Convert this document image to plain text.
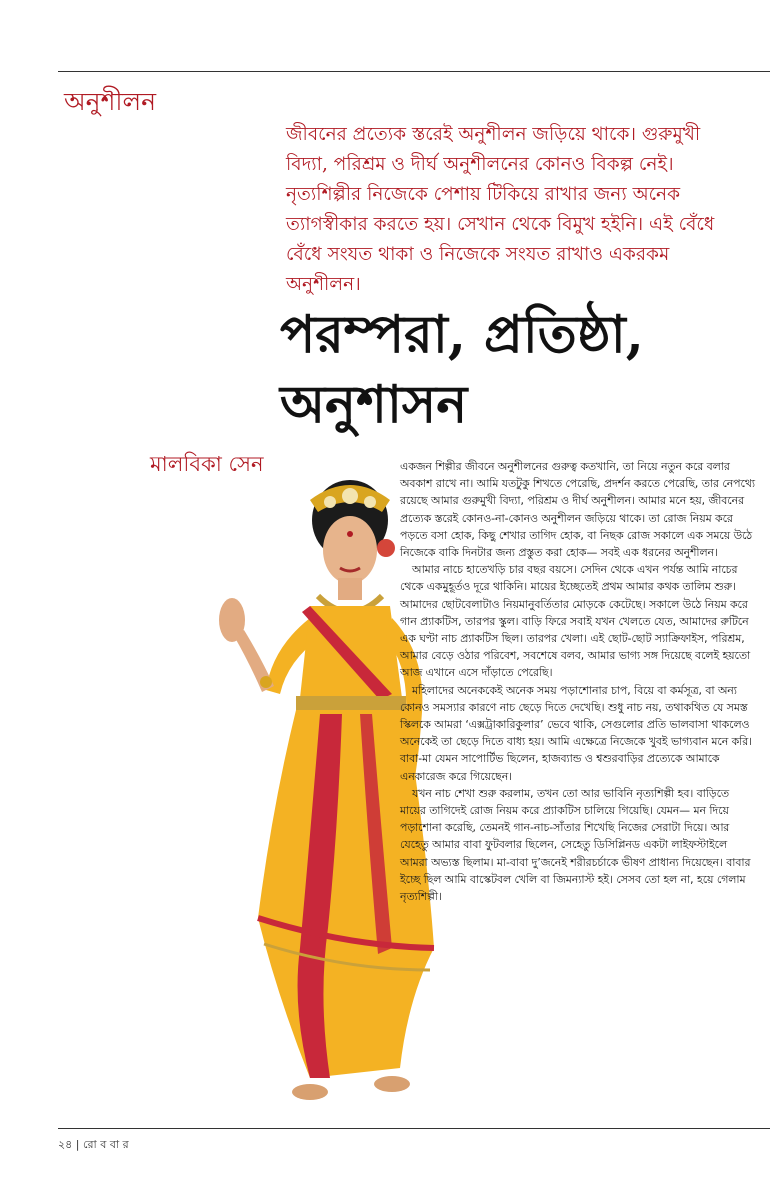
অনুশীলন

জীবনের প্রত্যেক স্তরেই অনুশীলন জড়িয়ে থাকে। গুরুমুখী বিদ্যা, পরিশ্রম ও দীর্ঘ অনুশীলনের কোনও বিকল্প নেই। নৃত্যশিল্পীর নিজেকে পেশায় টিকিয়ে রাখার জন্য অনেক ত্যাগস্বীকার করতে হয়। সেখান থেকে বিমুখ হইনি। এই বেঁধে বেঁধে সংযত থাকা ও নিজেকে সংযত রাখাও একরকম অনুশীলন।

পরম্পরা, প্রতিষ্ঠা,
অনুশাসন
মালবিকা সেন	একজন শিল্পীর জীবনে অনুশীলনের গুরুত্ব কতখানি, তা নিয়ে নতুন করে বলার অবকাশ রাখে না। আমি যতটুকু শিখতে পেরেছি, প্রদর্শন করতে পেরেছি, তার নেপথ্যে রয়েছে আমার গুরুমুখী বিদ্যা, পরিশ্রম ও দীর্ঘ অনুশীলন। আমার মনে হয়, জীবনের প্রত্যেক স্তরেই কোনও-না-কোনও অনুশীলন জড়িয়ে থাকে। তা রোজ নিয়ম করে পড়তে বসা হোক, কিছু শেখার তাগিদ হোক, বা নিছক রোজ সকালে এক সময়ে উঠে নিজেকে বাকি দিনটার জন্য প্রস্তুত করা হোক— সবই এক ধরনের অনুশীলন।

আমার নাচে হাতেখড়ি চার বছর বয়সে। সেদিন থেকে এখন পর্যন্ত আমি নাচের থেকে একমুহূর্তও দূরে থাকিনি। মায়ের ইচ্ছেতেই প্রথম আমার কথক তালিম শুরু। আমাদের ছোটবেলাটাও নিয়মানুবর্তিতার মোড়কে কেটেছে। সকালে উঠে নিয়ম করে গান প্র্যাকটিস, তারপর স্কুল। বাড়ি ফিরে সবাই যখন খেলতে যেত, আমাদের রুটিনে এক ঘণ্টা নাচ প্র্যাকটিস ছিল। তারপর খেলা। এই ছোট-ছোট স্যাক্রিফাইস, পরিশ্রম, আমার বেড়ে ওঠার পরিবেশ, সবশেষে বলব, আমার ভাগ্য সঙ্গ দিয়েছে বলেই হয়তো আজ এখানে এসে দাঁড়াতে পেরেছি।

মহিলাদের অনেককেই অনেক সময় পড়াশোনার চাপ, বিয়ে বা কর্মসূত্র, বা অন্য কোনও সমস্যার কারণে নাচ ছেড়ে দিতে দেখেছি। শুধু নাচ নয়, তথাকথিত যে সমস্ত স্কিলকে আমরা ‘এক্সট্রাকারিকুলার’ ভেবে থাকি, সেগুলোর প্রতি ভালবাসা থাকলেও অনেকেই তা ছেড়ে দিতে বাধ্য হয়। আমি এক্ষেত্রে নিজেকে খুবই ভাগ্যবান মনে করি। বাবা-মা যেমন সাপোর্টিভ ছিলেন, হাজব্যান্ড ও শ্বশুরবাড়ির প্রত্যেকে আমাকে এনকারেজ করে গিয়েছেন।

যখন নাচ শেখা শুরু করলাম, তখন তো আর ভাবিনি নৃত্যশিল্পী হব। বাড়িতে মায়ের তাগিদেই রোজ নিয়ম করে প্র্যাকটিস চালিয়ে গিয়েছি। যেমন— মন দিয়ে পড়াশোনা করেছি, তেমনই গান-নাচ-সাঁতার শিখেছি নিজের সেরাটা দিয়ে। আর যেহেতু আমার বাবা ফুটবলার ছিলেন, সেহেতু ডিসিপ্লিনড একটা লাইফস্টাইলে আমরা অভ্যস্ত ছিলাম। মা-বাবা দু’জনেই শরীরচর্চাকে ভীষণ প্রাধান্য দিয়েছেন। বাবার ইচ্ছে ছিল আমি বাস্কেটবল খেলি বা জিমন্যাস্ট হই। সেসব তো হল না, হয়ে গেলাম নৃত্যশিল্পী।

২৪ | রো ব বা র
